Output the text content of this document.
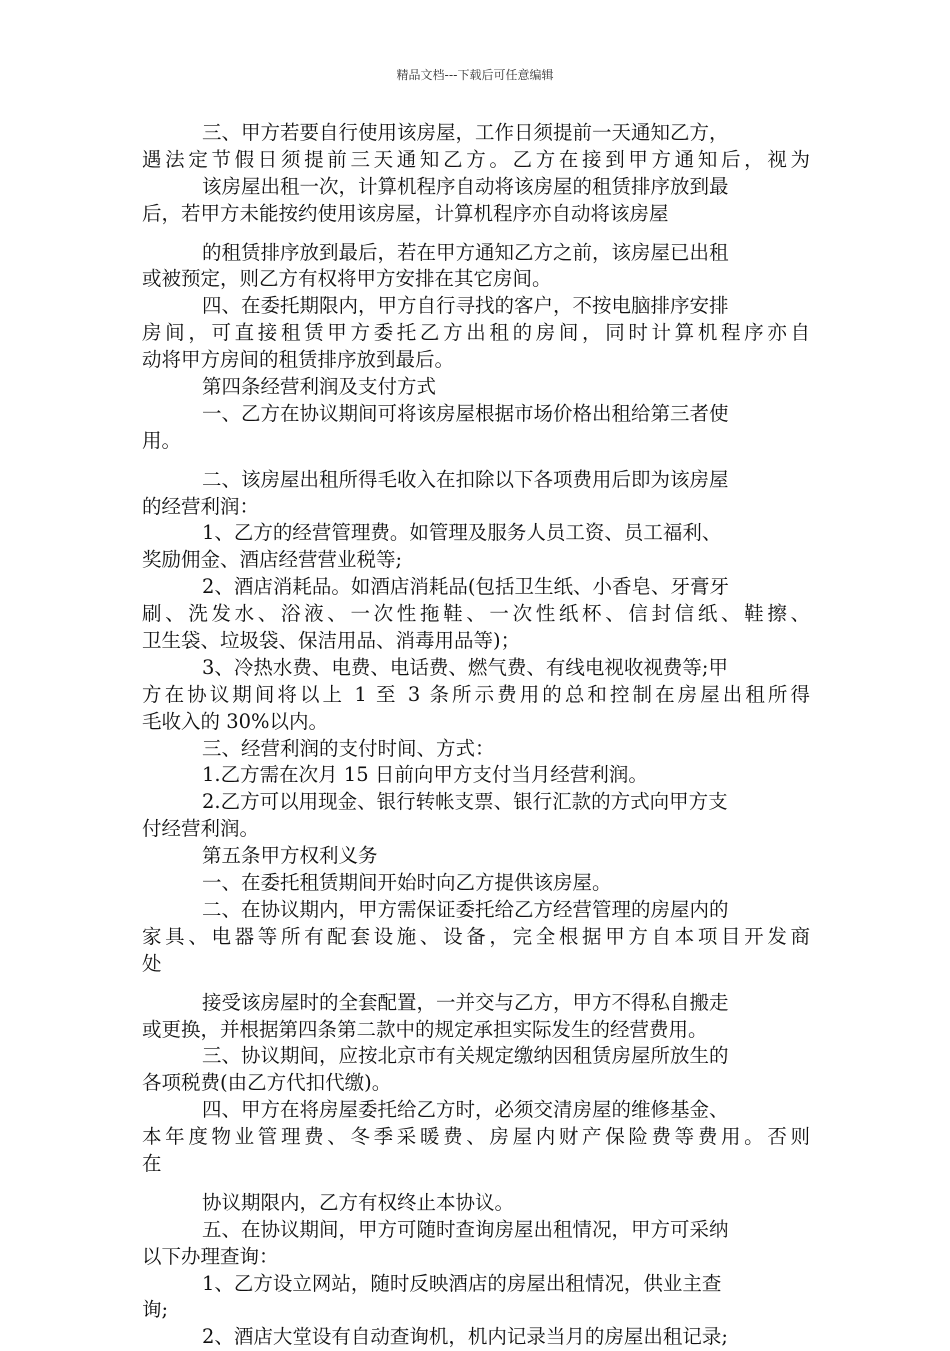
精品文档---下载后可任意编辑
三、甲方若要自行使用该房屋，工作日须提前一天通知乙方，
遇法定节假日须提前三天通知乙方。乙方在接到甲方通知后，视为
该房屋出租一次，计算机程序自动将该房屋的租赁排序放到最
后，若甲方未能按约使用该房屋，计算机程序亦自动将该房屋
的租赁排序放到最后，若在甲方通知乙方之前，该房屋已出租
或被预定，则乙方有权将甲方安排在其它房间。
四、在委托期限内，甲方自行寻找的客户，不按电脑排序安排
房间，可直接租赁甲方委托乙方出租的房间，同时计算机程序亦自
动将甲方房间的租赁排序放到最后。
第四条经营利润及支付方式
一、乙方在协议期间可将该房屋根据市场价格出租给第三者使
用。
二、该房屋出租所得毛收入在扣除以下各项费用后即为该房屋
的经营利润：
1、乙方的经营管理费。如管理及服务人员工资、员工福利、
奖励佣金、酒店经营营业税等;
2、酒店消耗品。如酒店消耗品(包括卫生纸、小香皂、牙膏牙
刷、洗发水、浴液、一次性拖鞋、一次性纸杯、信封信纸、鞋擦、
卫生袋、垃圾袋、保洁用品、消毒用品等)；
3、冷热水费、电费、电话费、燃气费、有线电视收视费等;甲
方在协议期间将以上 1 至 3 条所示费用的总和控制在房屋出租所得
毛收入的 30%以内。
三、经营利润的支付时间、方式：
1.乙方需在次月 15 日前向甲方支付当月经营利润。
2.乙方可以用现金、银行转帐支票、银行汇款的方式向甲方支
付经营利润。
第五条甲方权利义务
一、在委托租赁期间开始时向乙方提供该房屋。
二、在协议期内，甲方需保证委托给乙方经营管理的房屋内的
家具、电器等所有配套设施、设备，完全根据甲方自本项目开发商
处
接受该房屋时的全套配置，一并交与乙方，甲方不得私自搬走
或更换，并根据第四条第二款中的规定承担实际发生的经营费用。
三、协议期间，应按北京市有关规定缴纳因租赁房屋所放生的
各项税费(由乙方代扣代缴)。
四、甲方在将房屋委托给乙方时，必须交清房屋的维修基金、
本年度物业管理费、冬季采暖费、房屋内财产保险费等费用。否则
在
协议期限内，乙方有权终止本协议。
五、在协议期间，甲方可随时查询房屋出租情况，甲方可采纳
以下办理查询：
1、乙方设立网站，随时反映酒店的房屋出租情况，供业主查
询;
2、酒店大堂设有自动查询机，机内记录当月的房屋出租记录;
